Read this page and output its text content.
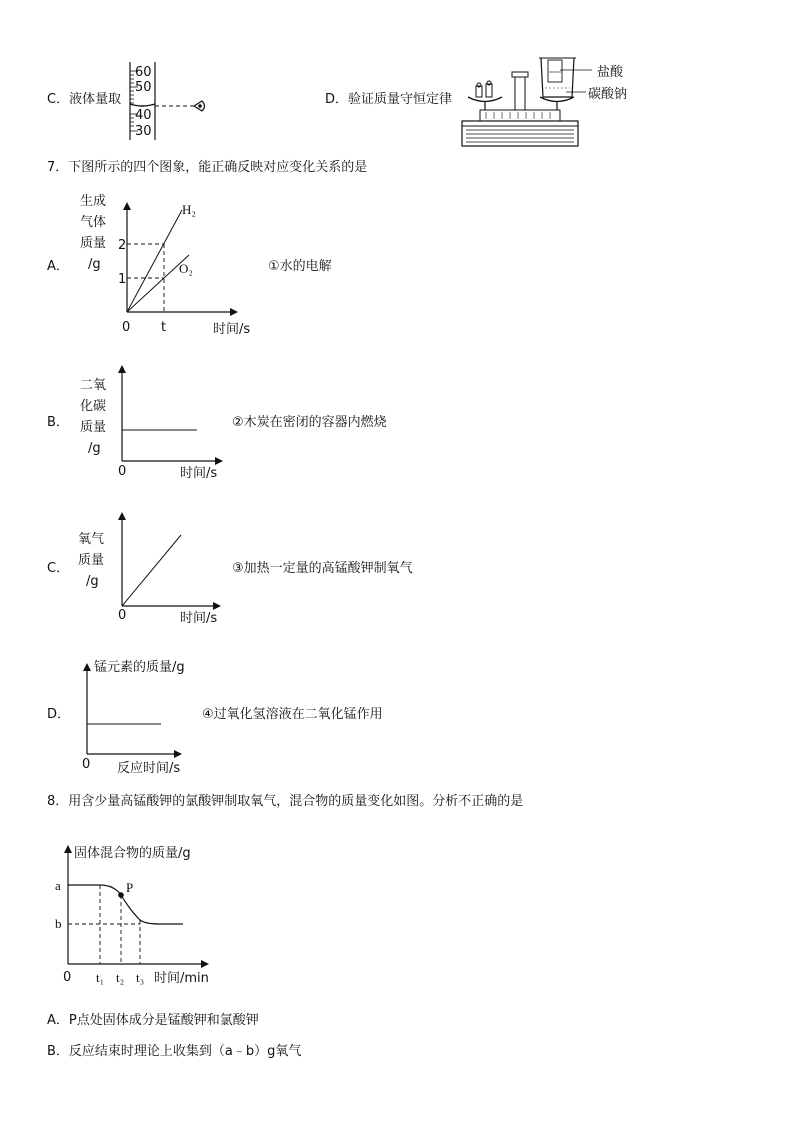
C．液体量取
60
50
40
30
D．验证质量守恒定律
盐酸
碳酸钠
7．下图所示的四个图象，能正确反映对应变化关系的是
A．
生成
气体
质量
/g
2
1
0 t	时间/s
H₂
O₂	①水的电解
B．
二氧
化碳
质量
/g
0	时间/s
②木炭在密闭的容器内燃烧
C．
氧气
质量
/g
0	时间/s
③加热一定量的高锰酸钾制氧气
D．
锰元素的质量/g
0 反应时间/s
④过氧化氢溶液在二氧化锰作用
8．用含少量高锰酸钾的氯酸钾制取氧气，混合物的质量变化如图。分析不正确的是
固体混合物的质量/g
a
b
P
0 t₁ t₂ t₃ 时间/min
A．P点处固体成分是锰酸钾和氯酸钾
B．反应结束时理论上收集到（a﹣b）g氧气
